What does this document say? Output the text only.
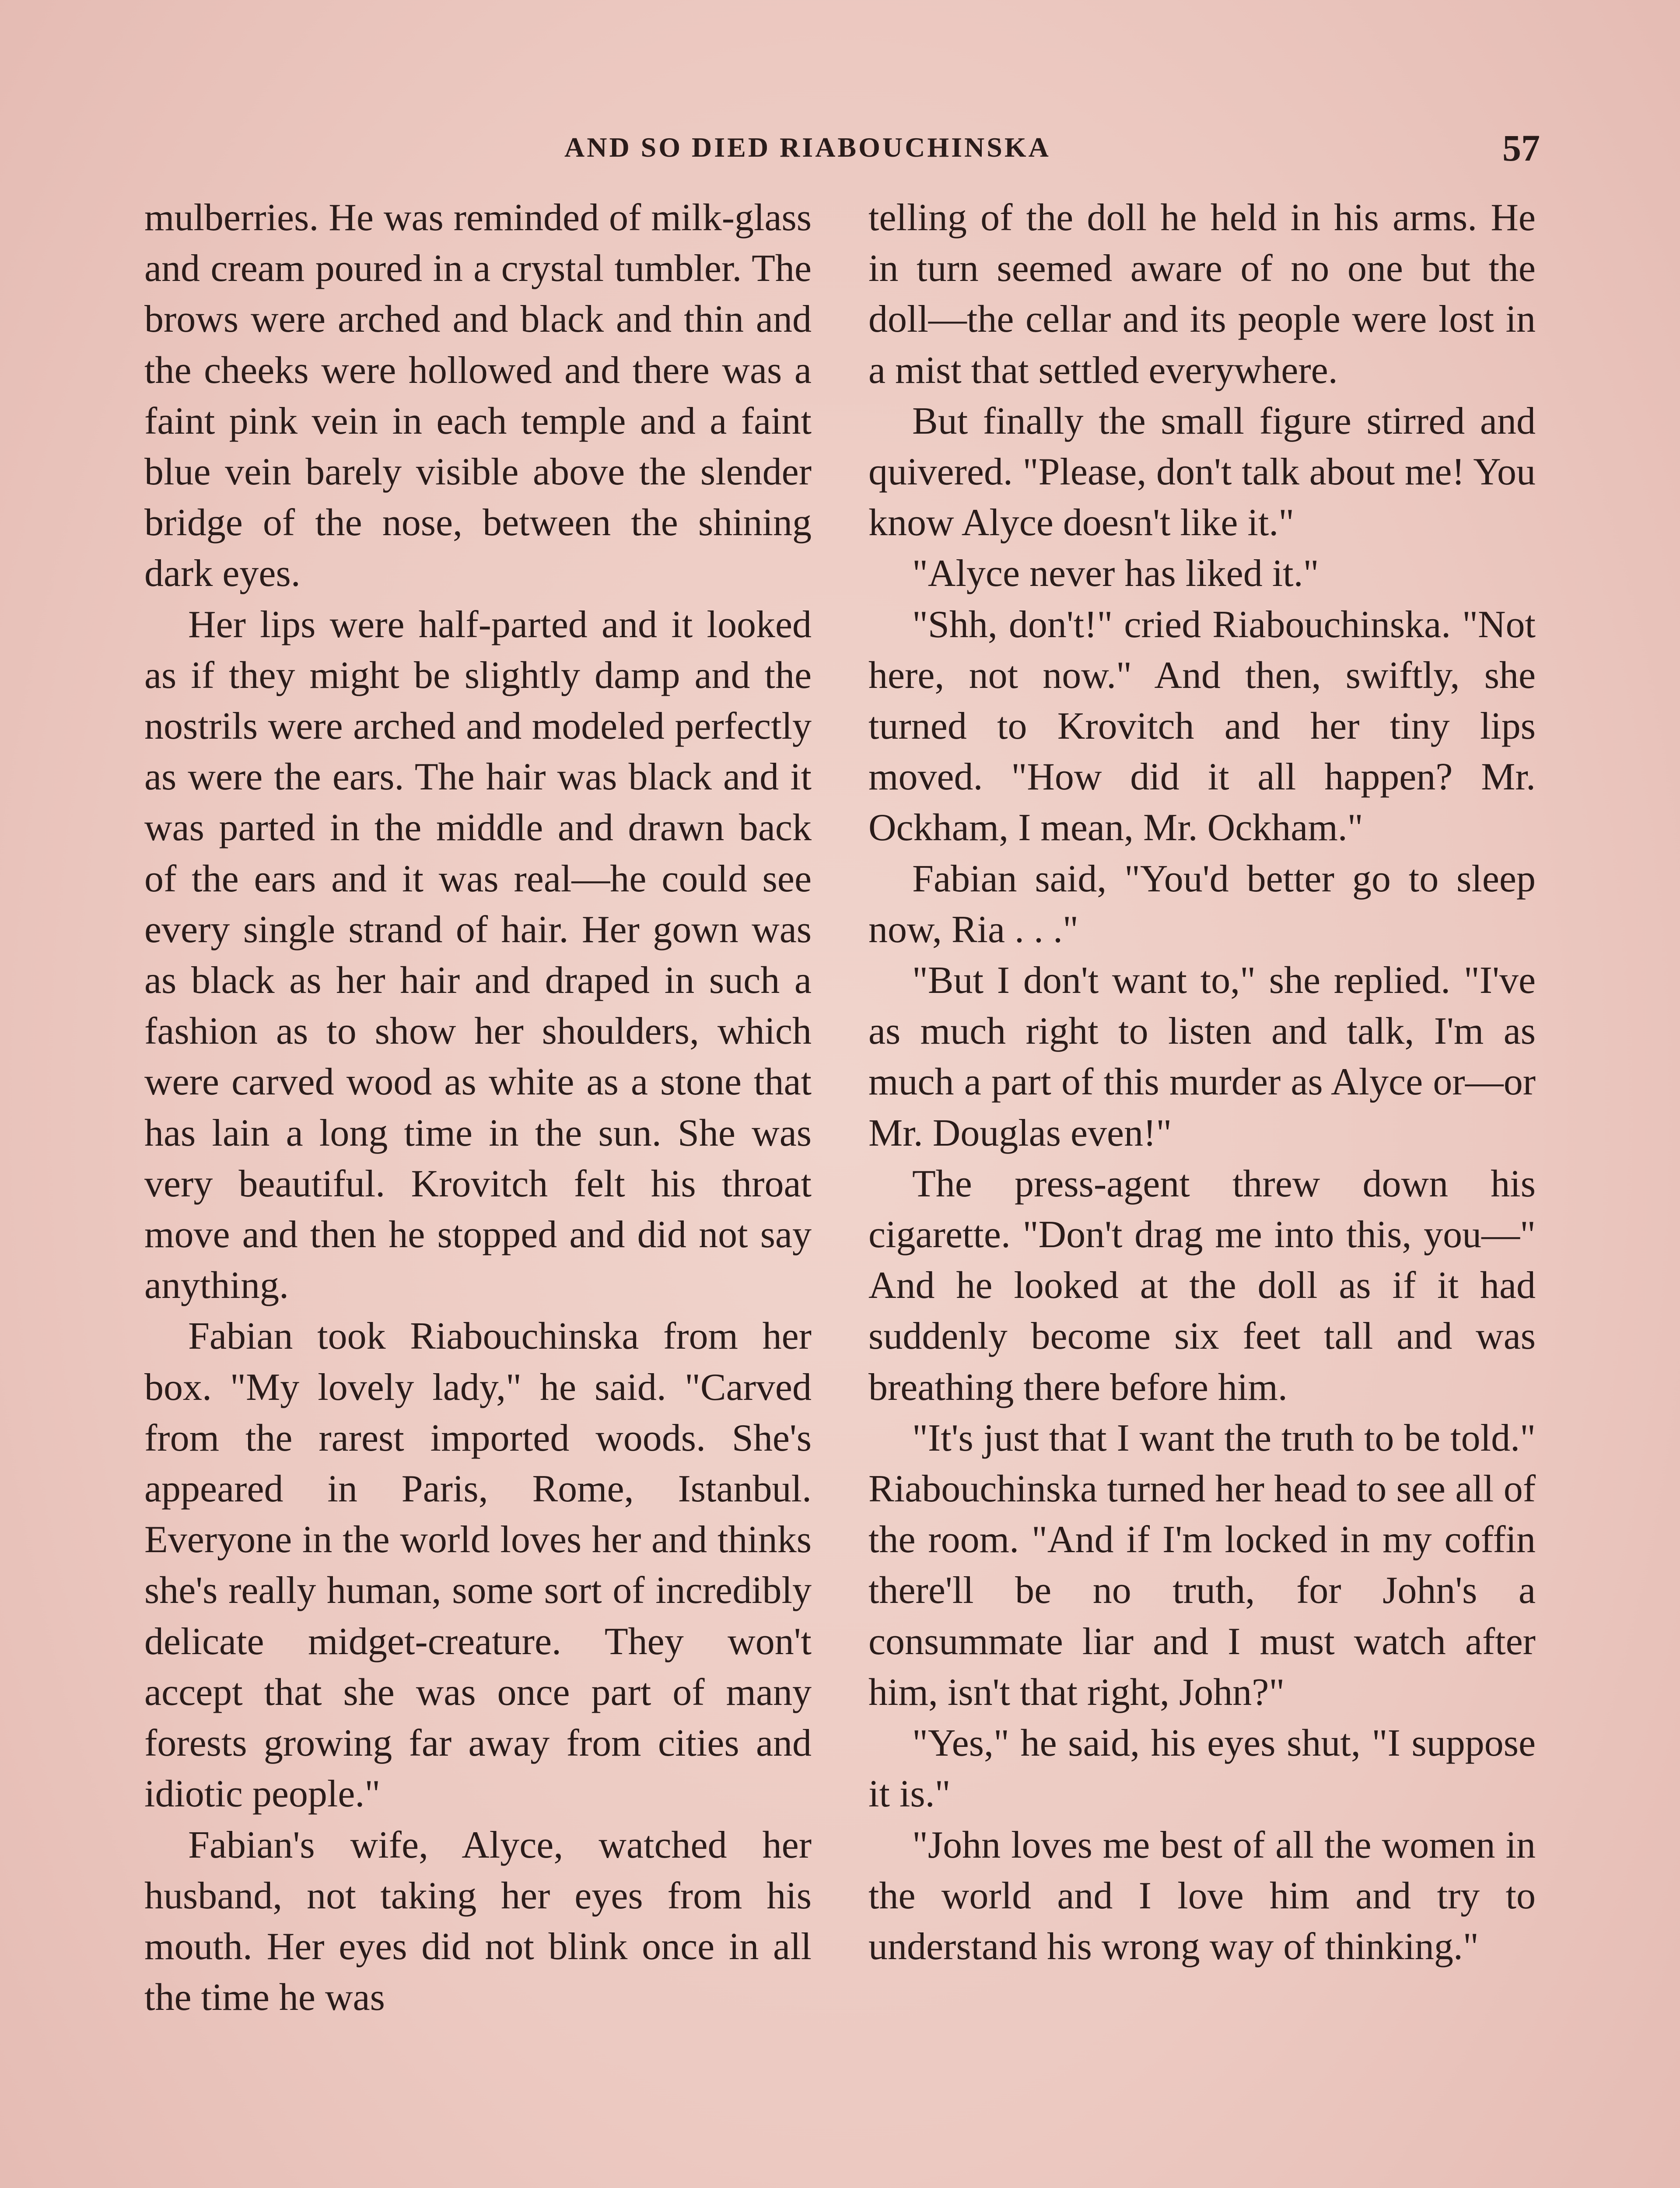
AND SO DIED RIABOUCHINSKA	57

mulberries. He was reminded of milk-glass and cream poured in a crystal tumbler. The brows were arched and black and thin and the cheeks were hollowed and there was a faint pink vein in each temple and a faint blue vein barely visible above the slender bridge of the nose, between the shining dark eyes.

Her lips were half-parted and it looked as if they might be slightly damp and the nostrils were arched and modeled perfectly as were the ears. The hair was black and it was parted in the middle and drawn back of the ears and it was real—he could see every single strand of hair. Her gown was as black as her hair and draped in such a fashion as to show her shoulders, which were carved wood as white as a stone that has lain a long time in the sun. She was very beautiful. Krovitch felt his throat move and then he stopped and did not say anything.

Fabian took Riabouchinska from her box. "My lovely lady," he said. "Carved from the rarest imported woods. She's appeared in Paris, Rome, Istanbul. Everyone in the world loves her and thinks she's really human, some sort of incredibly delicate midget-creature. They won't accept that she was once part of many forests growing far away from cities and idiotic people."

Fabian's wife, Alyce, watched her husband, not taking her eyes from his mouth. Her eyes did not blink once in all the time he was

telling of the doll he held in his arms. He in turn seemed aware of no one but the doll—the cellar and its people were lost in a mist that settled everywhere.

But finally the small figure stirred and quivered. "Please, don't talk about me! You know Alyce doesn't like it."

"Alyce never has liked it."

"Shh, don't!" cried Riabouchinska. "Not here, not now." And then, swiftly, she turned to Krovitch and her tiny lips moved. "How did it all happen? Mr. Ockham, I mean, Mr. Ockham."

Fabian said, "You'd better go to sleep now, Ria . . ."

"But I don't want to," she replied. "I've as much right to listen and talk, I'm as much a part of this murder as Alyce or—or Mr. Douglas even!"

The press-agent threw down his cigarette. "Don't drag me into this, you—" And he looked at the doll as if it had suddenly become six feet tall and was breathing there before him.

"It's just that I want the truth to be told." Riabouchinska turned her head to see all of the room. "And if I'm locked in my coffin there'll be no truth, for John's a consummate liar and I must watch after him, isn't that right, John?"

"Yes," he said, his eyes shut, "I suppose it is."

"John loves me best of all the women in the world and I love him and try to understand his wrong way of thinking."
